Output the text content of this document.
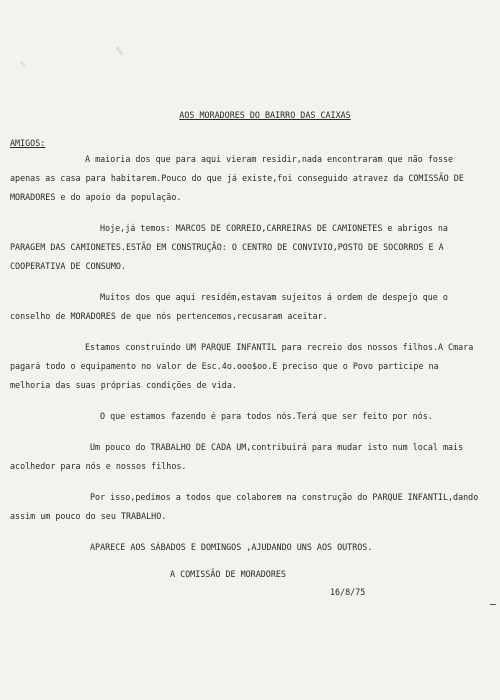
AOS MORADORES DO BAIRRO DAS CAIXAS
AMIGOS:

A maioria dos que para aqui vieram residir,nada encontraram que não fosse apenas as casa para habitarem.Pouco do que já existe,foi conseguido atravez da COMISSÃO DE MORADORES e do apoio da população.

Hoje,já temos: MARCOS DE CORREIO,CARREIRAS DE CAMIONETES e abrigos na PARAGEM DAS CAMIONETES.ESTÃO EM CONSTRUÇÃO: O CENTRO DE CONVIVIO,POSTO DE SOCORROS E A COOPERATIVA DE CONSUMO.

Muitos dos que aqui residém,estavam sujeitos á ordem de despejo que o conselho de MORADORES de que nós pertencemos,recusaram aceitar.

Estamos construindo UM PARQUE INFANTIL para recreio dos nossos filhos.A Cmara pagará todo o equipamento no valor de Esc.4o.ooo$oo.E preciso que o Povo participe na melhoria das suas próprias condições de vida.

O que estamos fazendo é para todos nós.Terá que ser feito por nós.

Um pouco do TRABALHO DE CADA UM,contribuirá para mudar isto num local mais acolhedor para nós e nossos filhos.

Por isso,pedimos a todos que colaborem na construção do PARQUE INFANTIL,dando assim um pouco do seu TRABALHO.

APARECE AOS SÁBADOS E DOMINGOS ,AJUDANDO UNS AOS OUTROS.

A COMISSÃO DE MORADORES
16/8/75
